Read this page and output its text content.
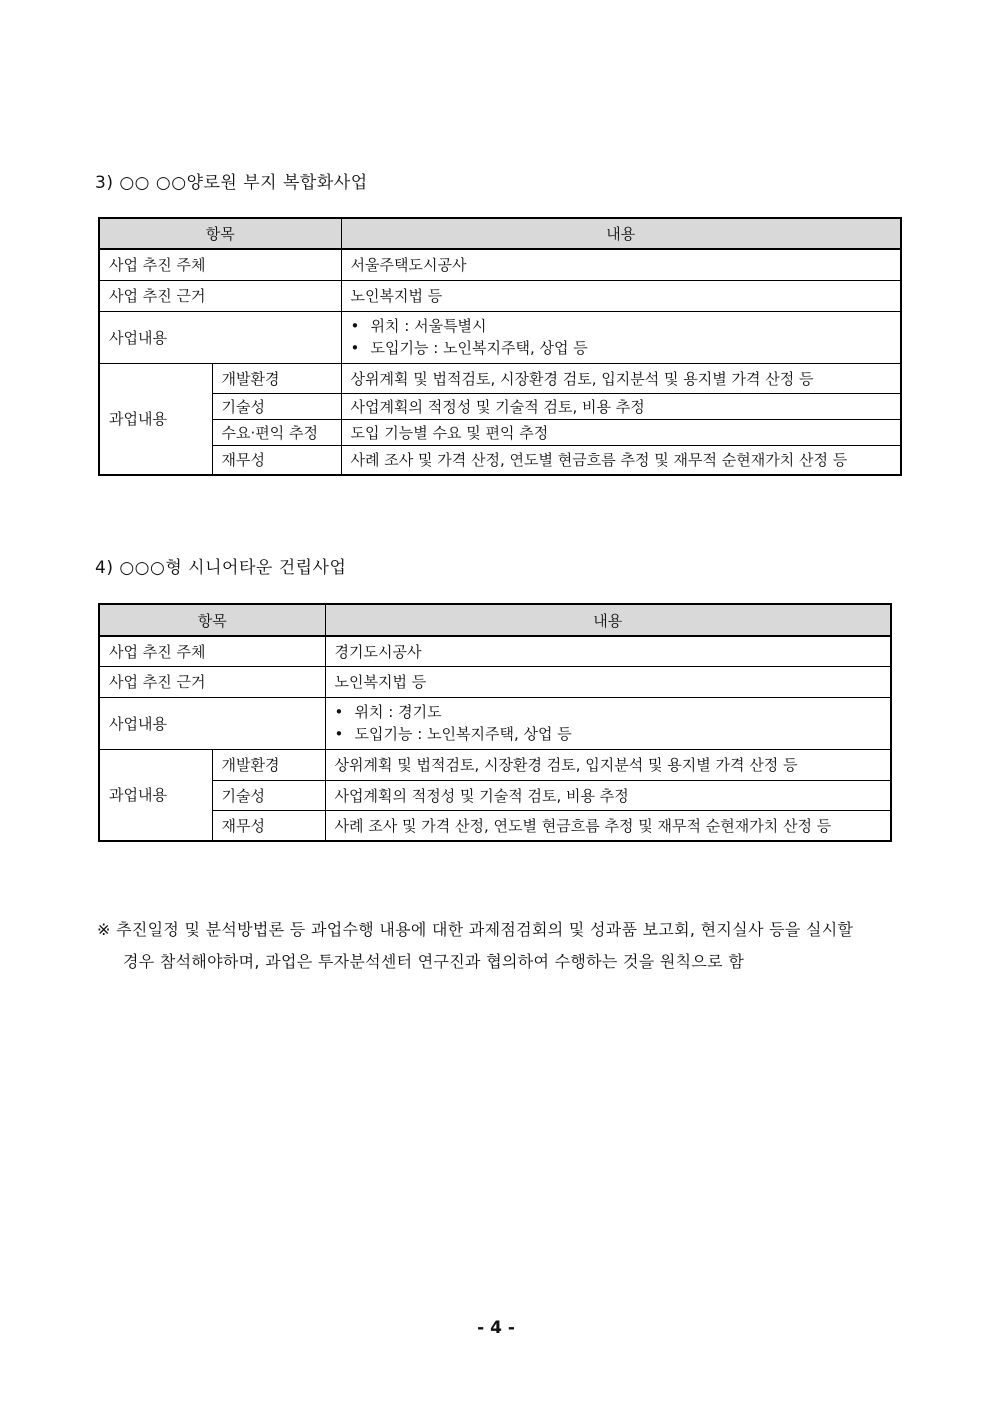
3) ○○ ○○양로원 부지 복합화사업
항목		내용
사업 추진 주체		서울주택도시공사
사업 추진 근거		노인복지법 등
사업내용		• 위치 : 서울특별시
• 도입기능 : 노인복지주택, 상업 등

과업내용	개발환경	상위계획 및 법적검토, 시장환경 검토, 입지분석 및 용지별 가격 산정 등
	기술성	사업계획의 적정성 및 기술적 검토, 비용 추정
	수요·편익 추정	도입 기능별 수요 및 편익 추정
	재무성	사례 조사 및 가격 산정, 연도별 현금흐름 추정 및 재무적 순현재가치 산정 등
4) ○○○형 시니어타운 건립사업
항목		내용
사업 추진 주체		경기도시공사
사업 추진 근거		노인복지법 등
사업내용		• 위치 : 경기도
• 도입기능 : 노인복지주택, 상업 등

과업내용	개발환경	상위계획 및 법적검토, 시장환경 검토, 입지분석 및 용지별 가격 산정 등
	기술성	사업계획의 적정성 및 기술적 검토, 비용 추정
	재무성	사례 조사 및 가격 산정, 연도별 현금흐름 추정 및 재무적 순현재가치 산정 등
※ 추진일정 및 분석방법론 등 과업수행 내용에 대한 과제점검회의 및 성과품 보고회, 현지실사 등을 실시할
경우 참석해야하며, 과업은 투자분석센터 연구진과 협의하여 수행하는 것을 원칙으로 함
- 4 -
